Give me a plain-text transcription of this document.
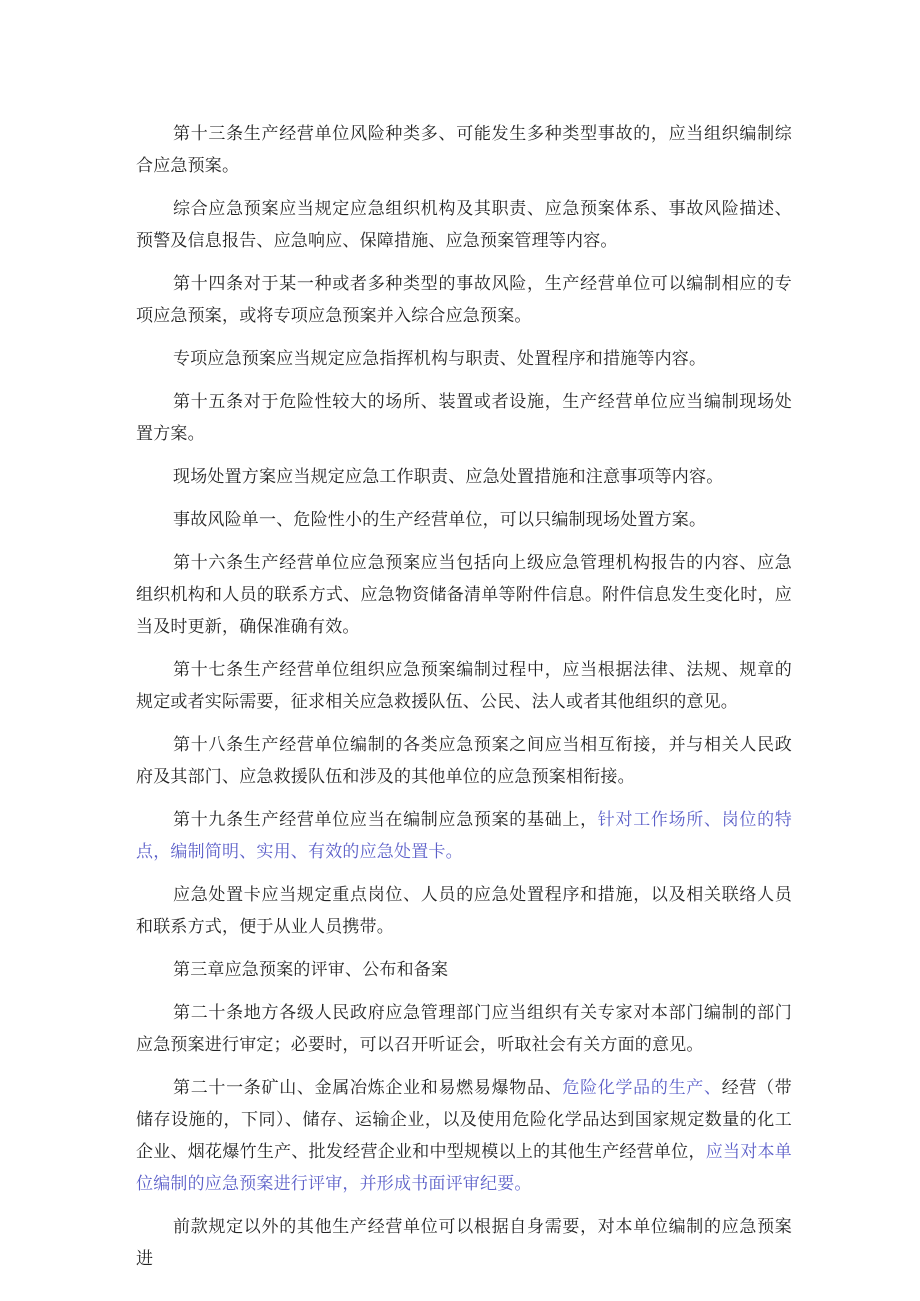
第十三条生产经营单位风险种类多、可能发生多种类型事故的，应当组织编制综合应急预案。

综合应急预案应当规定应急组织机构及其职责、应急预案体系、事故风险描述、预警及信息报告、应急响应、保障措施、应急预案管理等内容。

第十四条对于某一种或者多种类型的事故风险，生产经营单位可以编制相应的专项应急预案，或将专项应急预案并入综合应急预案。

专项应急预案应当规定应急指挥机构与职责、处置程序和措施等内容。

第十五条对于危险性较大的场所、装置或者设施，生产经营单位应当编制现场处置方案。

现场处置方案应当规定应急工作职责、应急处置措施和注意事项等内容。

事故风险单一、危险性小的生产经营单位，可以只编制现场处置方案。

第十六条生产经营单位应急预案应当包括向上级应急管理机构报告的内容、应急组织机构和人员的联系方式、应急物资储备清单等附件信息。附件信息发生变化时，应当及时更新，确保准确有效。

第十七条生产经营单位组织应急预案编制过程中，应当根据法律、法规、规章的规定或者实际需要，征求相关应急救援队伍、公民、法人或者其他组织的意见。

第十八条生产经营单位编制的各类应急预案之间应当相互衔接，并与相关人民政府及其部门、应急救援队伍和涉及的其他单位的应急预案相衔接。

第十九条生产经营单位应当在编制应急预案的基础上，针对工作场所、岗位的特点，编制简明、实用、有效的应急处置卡。

应急处置卡应当规定重点岗位、人员的应急处置程序和措施，以及相关联络人员和联系方式，便于从业人员携带。

第三章应急预案的评审、公布和备案

第二十条地方各级人民政府应急管理部门应当组织有关专家对本部门编制的部门应急预案进行审定；必要时，可以召开听证会，听取社会有关方面的意见。

第二十一条矿山、金属冶炼企业和易燃易爆物品、危险化学品的生产、经营（带储存设施的，下同）、储存、运输企业，以及使用危险化学品达到国家规定数量的化工企业、烟花爆竹生产、批发经营企业和中型规模以上的其他生产经营单位，应当对本单位编制的应急预案进行评审，并形成书面评审纪要。

前款规定以外的其他生产经营单位可以根据自身需要，对本单位编制的应急预案进
